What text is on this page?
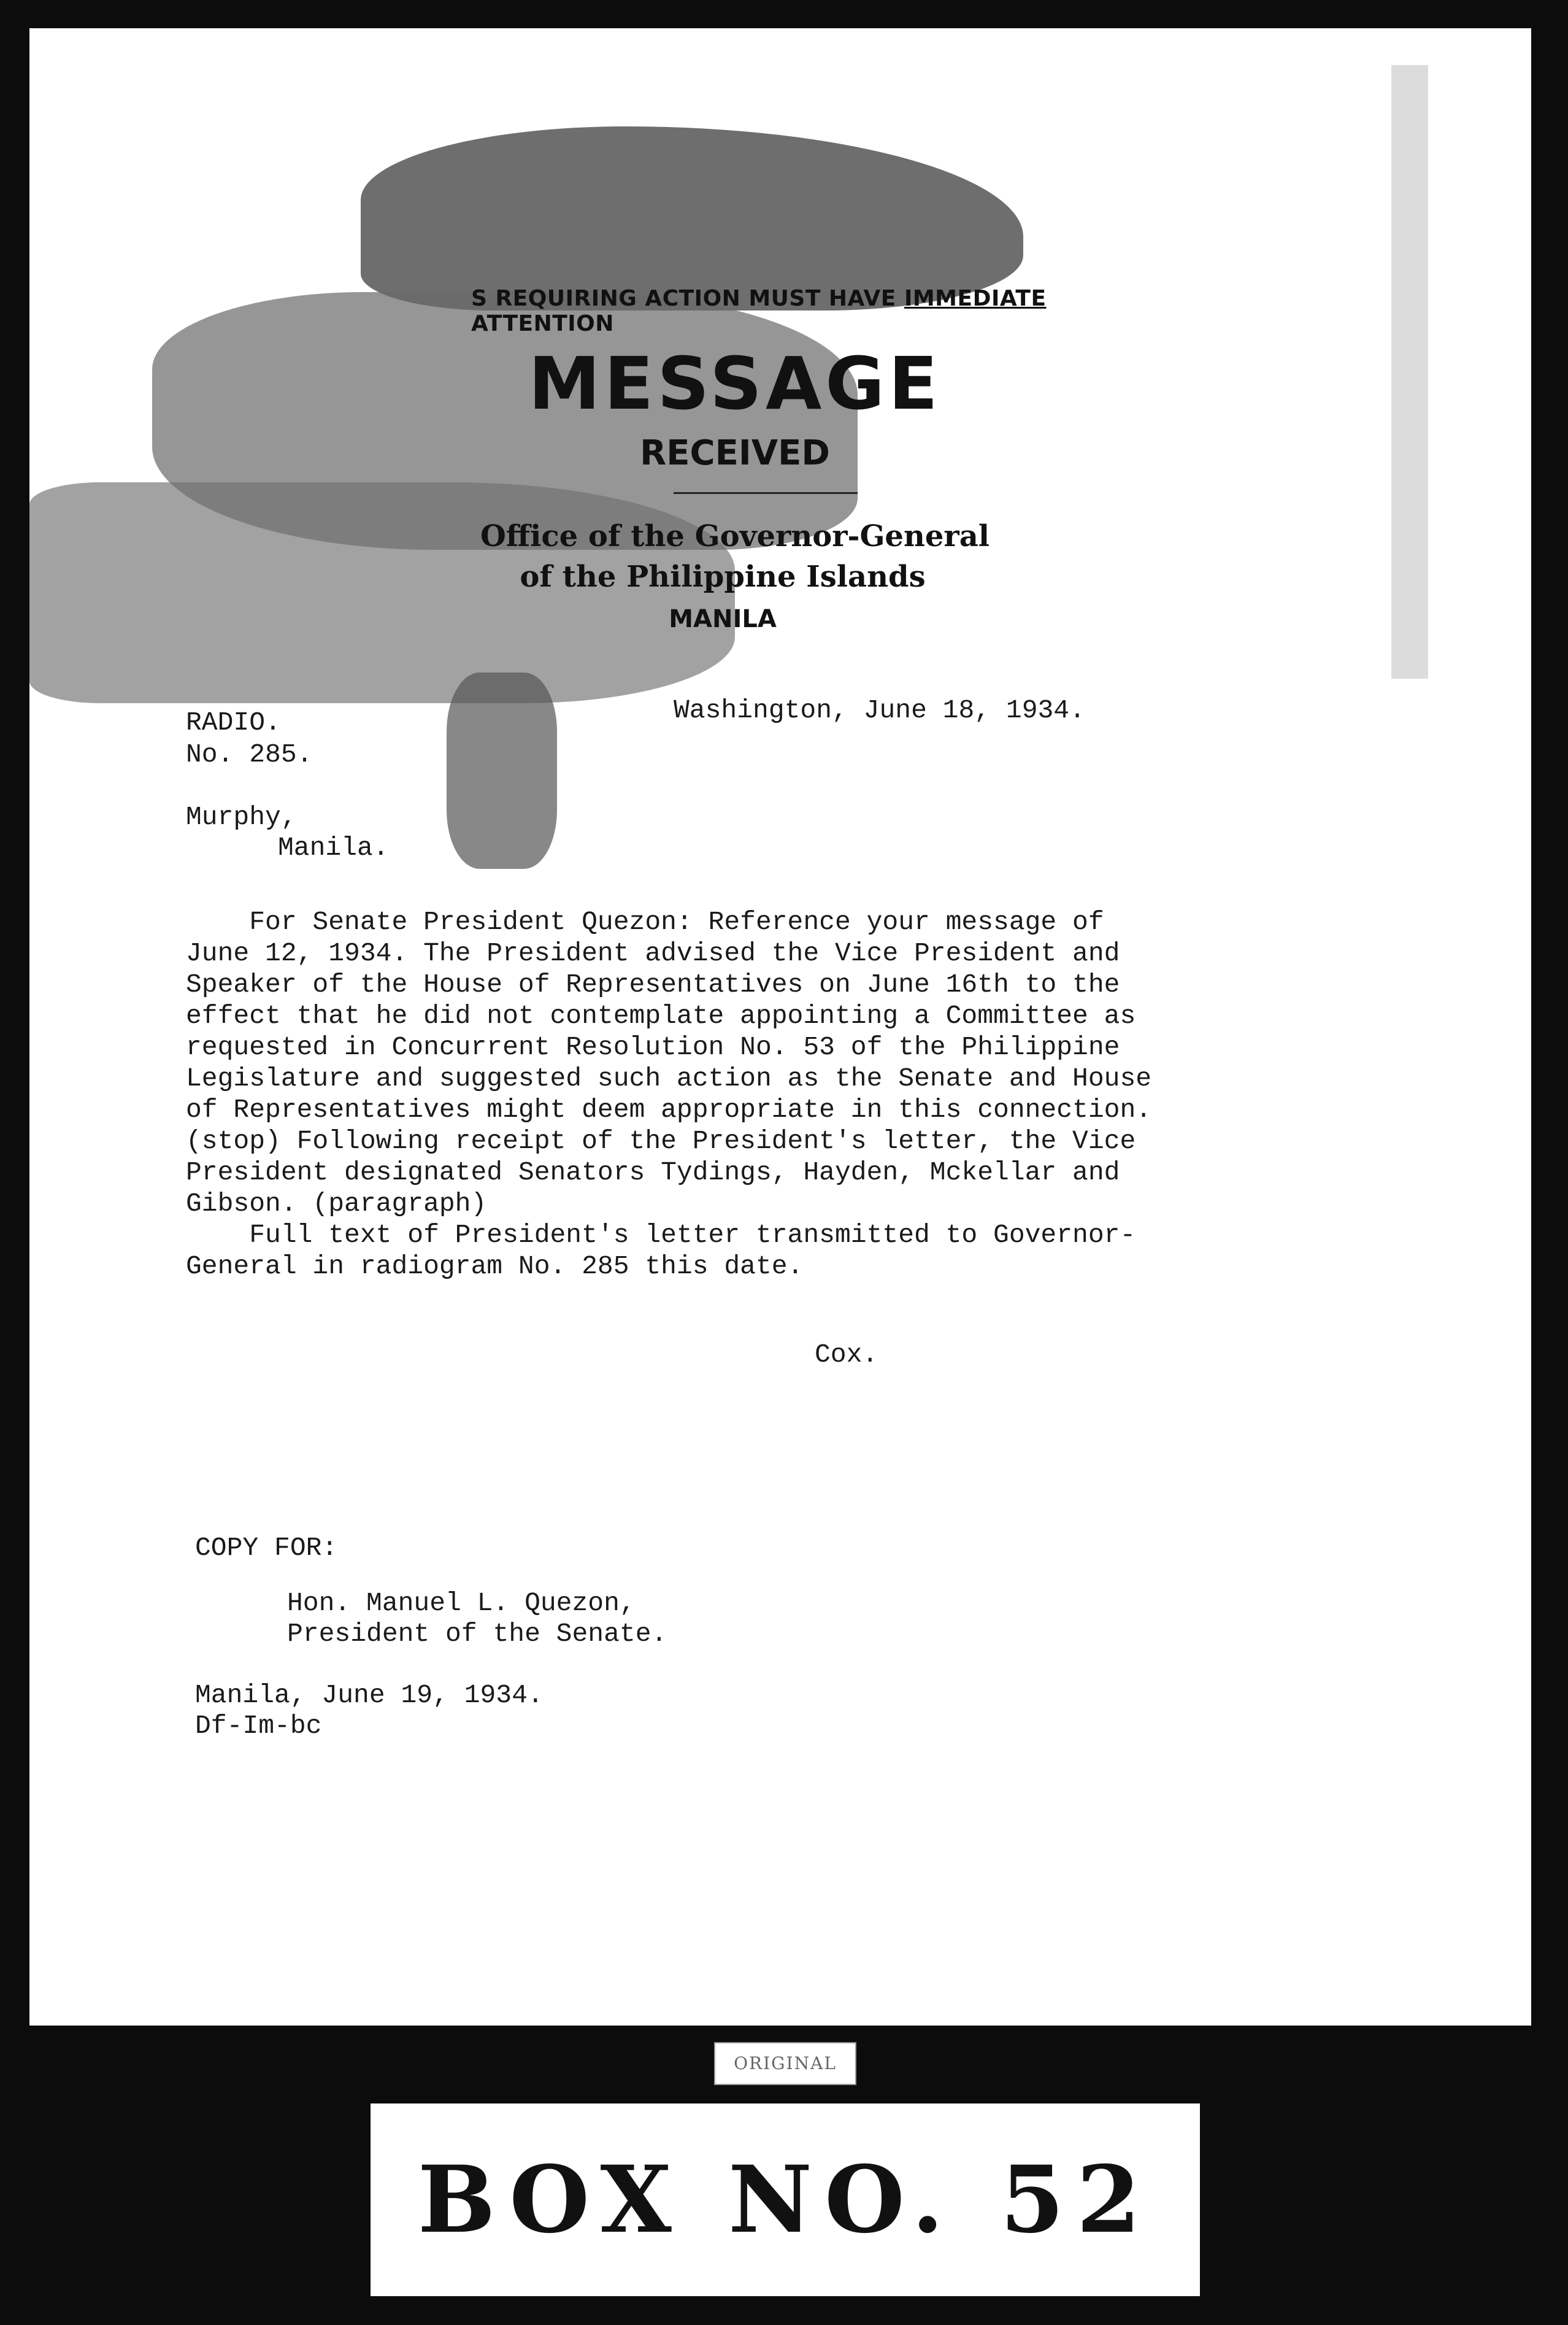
S REQUIRING ACTION MUST HAVE IMMEDIATE ATTENTION
MESSAGE
RECEIVED
Office of the Governor-General
of the Philippine Islands
MANILA
Washington, June 18, 1934.
RADIO.
No. 285.
Murphy,
Manila.
For Senate President Quezon: Reference your message of
June 12, 1934. The President advised the Vice President and
Speaker of the House of Representatives on June 16th to the
effect that he did not contemplate appointing a Committee as
requested in Concurrent Resolution No. 53 of the Philippine
Legislature and suggested such action as the Senate and House
of Representatives might deem appropriate in this connection.
(stop) Following receipt of the President's letter, the Vice
President designated Senators Tydings, Hayden, Mckellar and
Gibson. (paragraph)
Full text of President's letter transmitted to Governor-
General in radiogram No. 285 this date.
Cox.
COPY FOR:
Hon. Manuel L. Quezon,
President of the Senate.
Manila, June 19, 1934.
Df-Im-bc
ORIGINAL
BOX NO. 52
